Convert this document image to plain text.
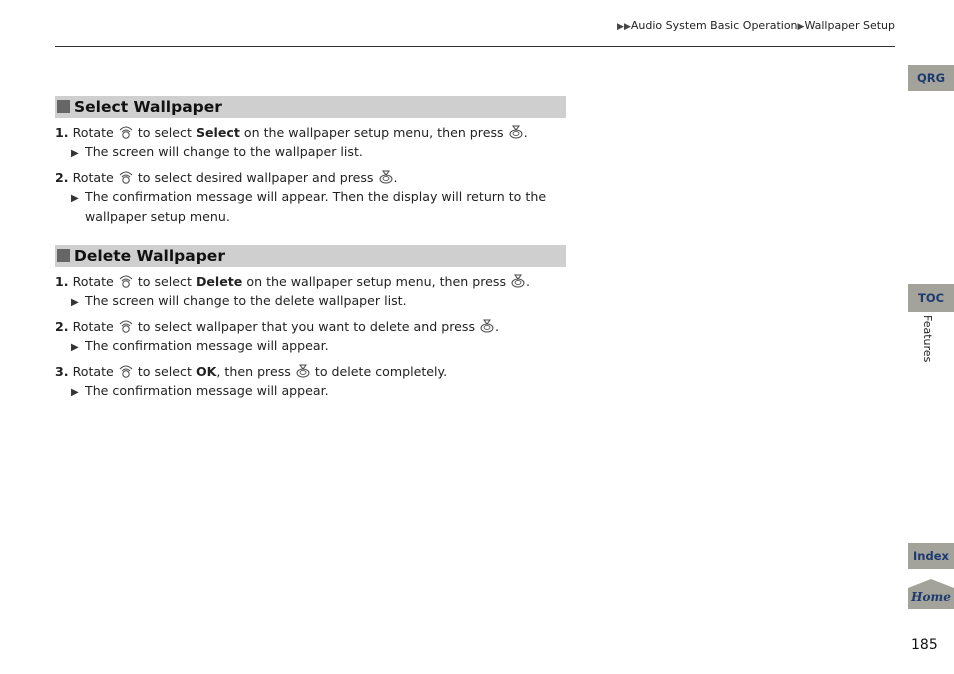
▶▶Audio System Basic Operation▶Wallpaper Setup
Select Wallpaper
1. Rotate to select Select on the wallpaper setup menu, then press .
▶ The screen will change to the wallpaper list.
2. Rotate to select desired wallpaper and press .
▶ The confirmation message will appear. Then the display will return to the wallpaper setup menu.
Delete Wallpaper
1. Rotate to select Delete on the wallpaper setup menu, then press .
▶ The screen will change to the delete wallpaper list.
2. Rotate to select wallpaper that you want to delete and press .
▶ The confirmation message will appear.
3. Rotate to select OK, then press to delete completely.
▶ The confirmation message will appear.
QRG
TOC
Features
Index
Home
185
